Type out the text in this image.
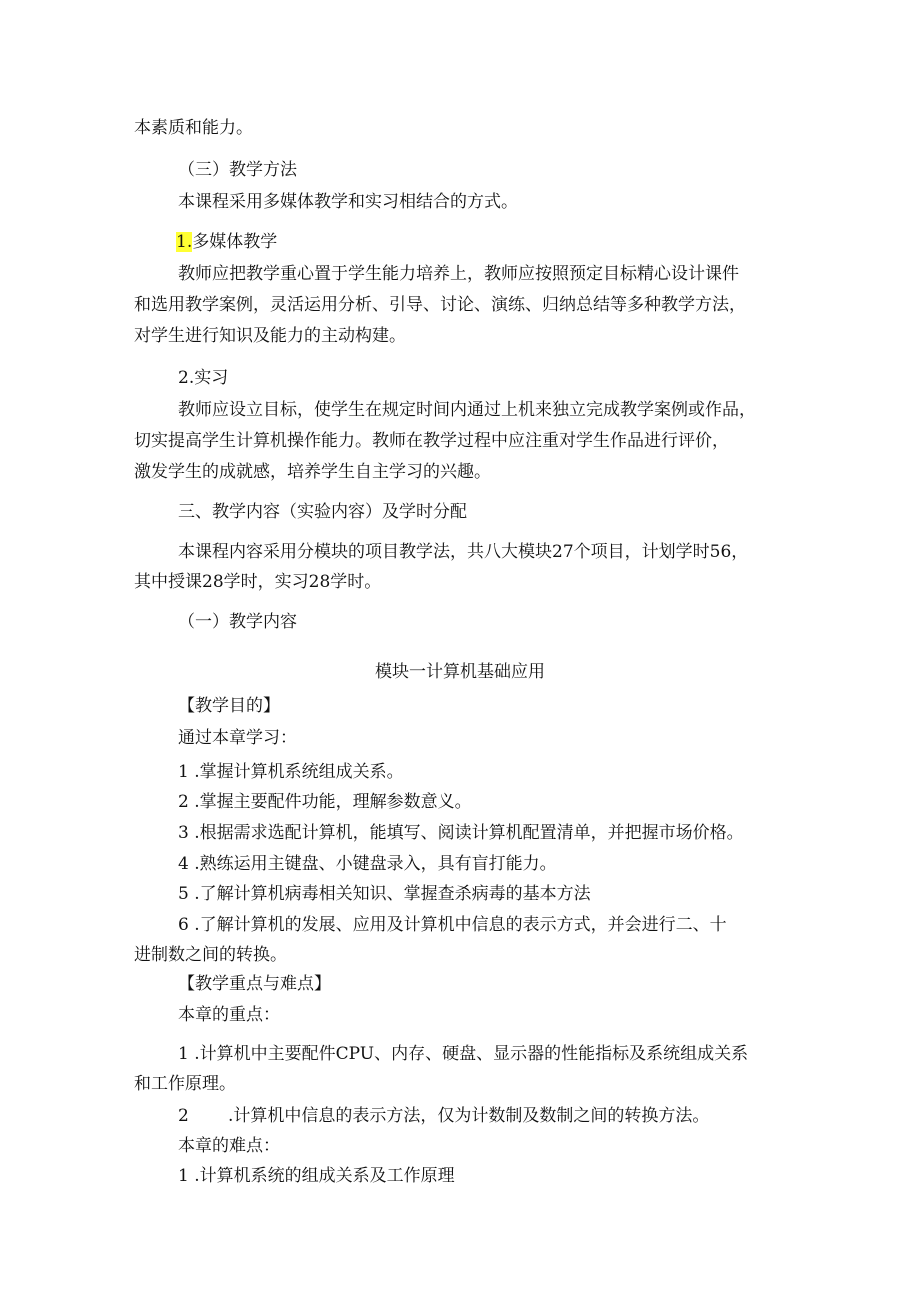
本素质和能力。
（三）教学方法
本课程采用多媒体教学和实习相结合的方式。
1.多媒体教学
教师应把教学重心置于学生能力培养上，教师应按照预定目标精心设计课件
和选用教学案例，灵活运用分析、引导、讨论、演练、归纳总结等多种教学方法，
对学生进行知识及能力的主动构建。
2.实习
教师应设立目标，使学生在规定时间内通过上机来独立完成教学案例或作品，
切实提高学生计算机操作能力。教师在教学过程中应注重对学生作品进行评价，
激发学生的成就感，培养学生自主学习的兴趣。
三、教学内容（实验内容）及学时分配
本课程内容采用分模块的项目教学法，共八大模块27个项目，计划学时56，
其中授课28学时，实习28学时。
（一）教学内容
模块一计算机基础应用
【教学目的】
通过本章学习：
1 .掌握计算机系统组成关系。
2 .掌握主要配件功能，理解参数意义。
3 .根据需求选配计算机，能填写、阅读计算机配置清单，并把握市场价格。
4 .熟练运用主键盘、小键盘录入，具有盲打能力。
5 .了解计算机病毒相关知识、掌握查杀病毒的基本方法
6 .了解计算机的发展、应用及计算机中信息的表示方式，并会进行二、十
进制数之间的转换。
【教学重点与难点】
本章的重点：
1 .计算机中主要配件CPU、内存、硬盘、显示器的性能指标及系统组成关系
和工作原理。
2 .计算机中信息的表示方法，仅为计数制及数制之间的转换方法。
本章的难点：
1 .计算机系统的组成关系及工作原理
